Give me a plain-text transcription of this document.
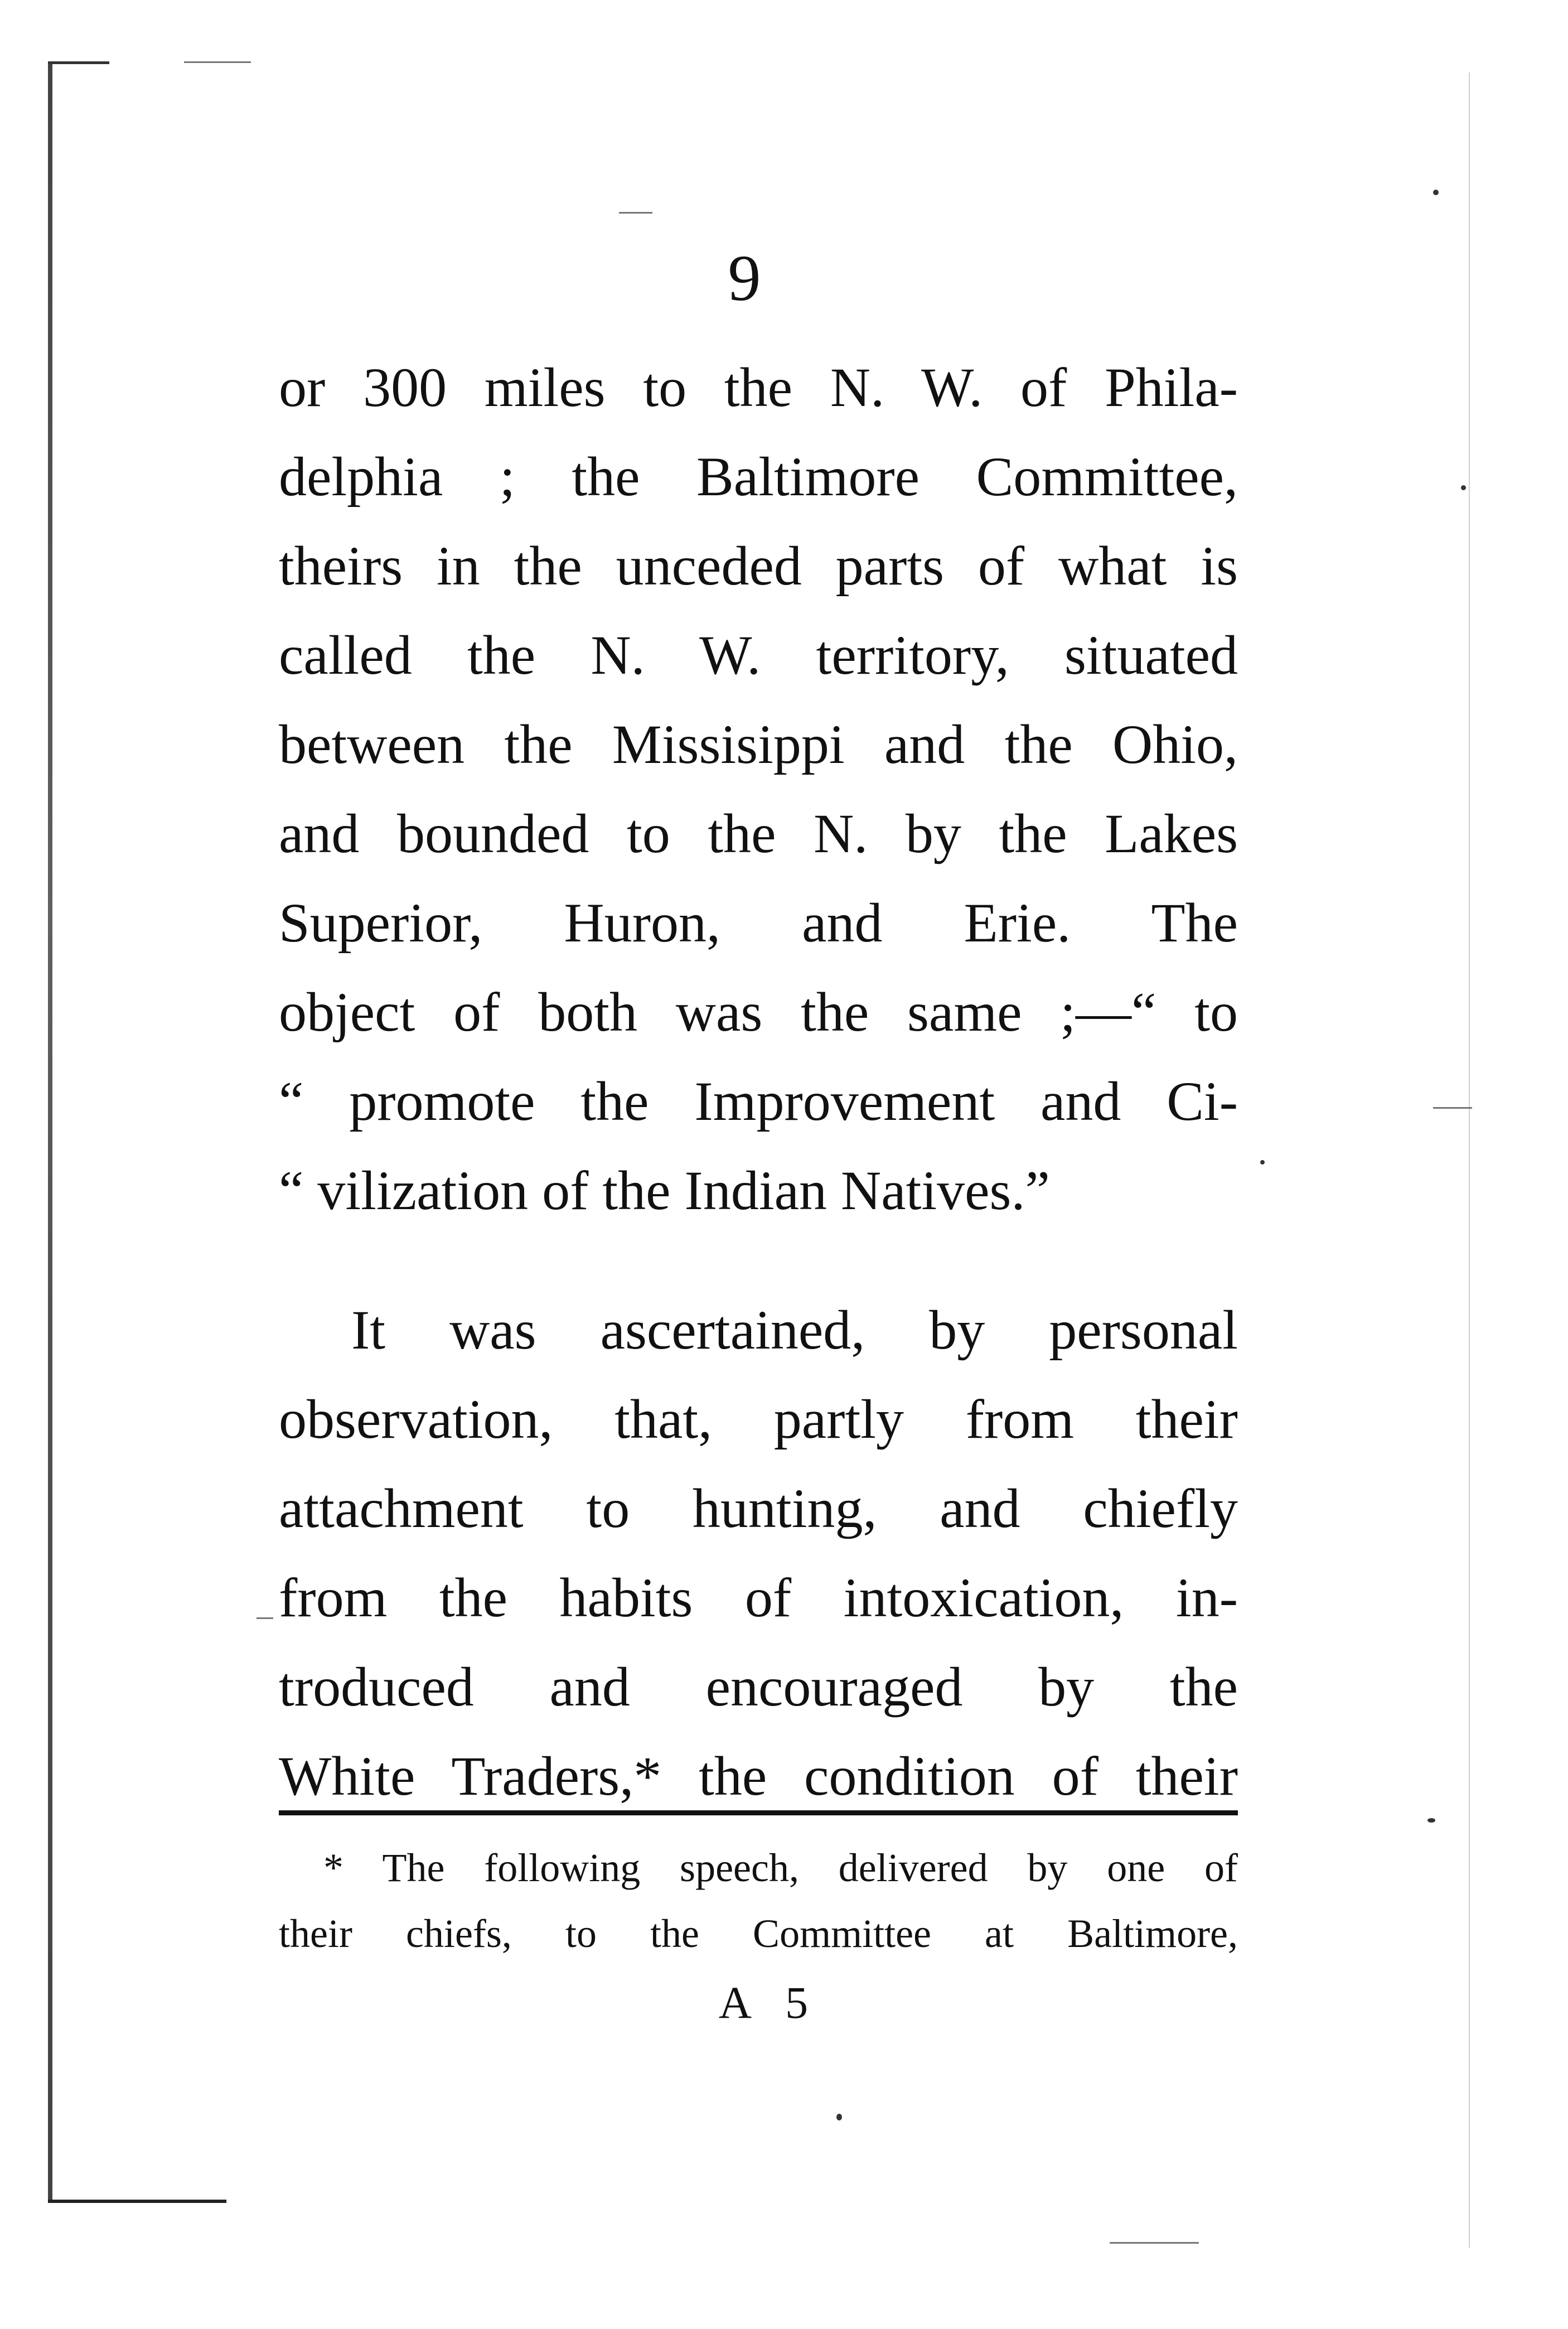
9
or 300 miles to the N. W. of Phila-
delphia ; the Baltimore Committee,
theirs in the unceded parts of what is
called the N. W. territory, situated
between the Missisippi and the Ohio,
and bounded to the N. by the Lakes
Superior, Huron, and Erie. The
object of both was the same ;—“ to
“ promote the Improvement and Ci-
“ vilization of the Indian Natives.”
It was ascertained, by personal
observation, that, partly from their
attachment to hunting, and chiefly
from the habits of intoxication, in-
troduced and encouraged by the
White Traders,* the condition of their
* The following speech, delivered by one of
their chiefs, to the Committee at Baltimore,
A 5
